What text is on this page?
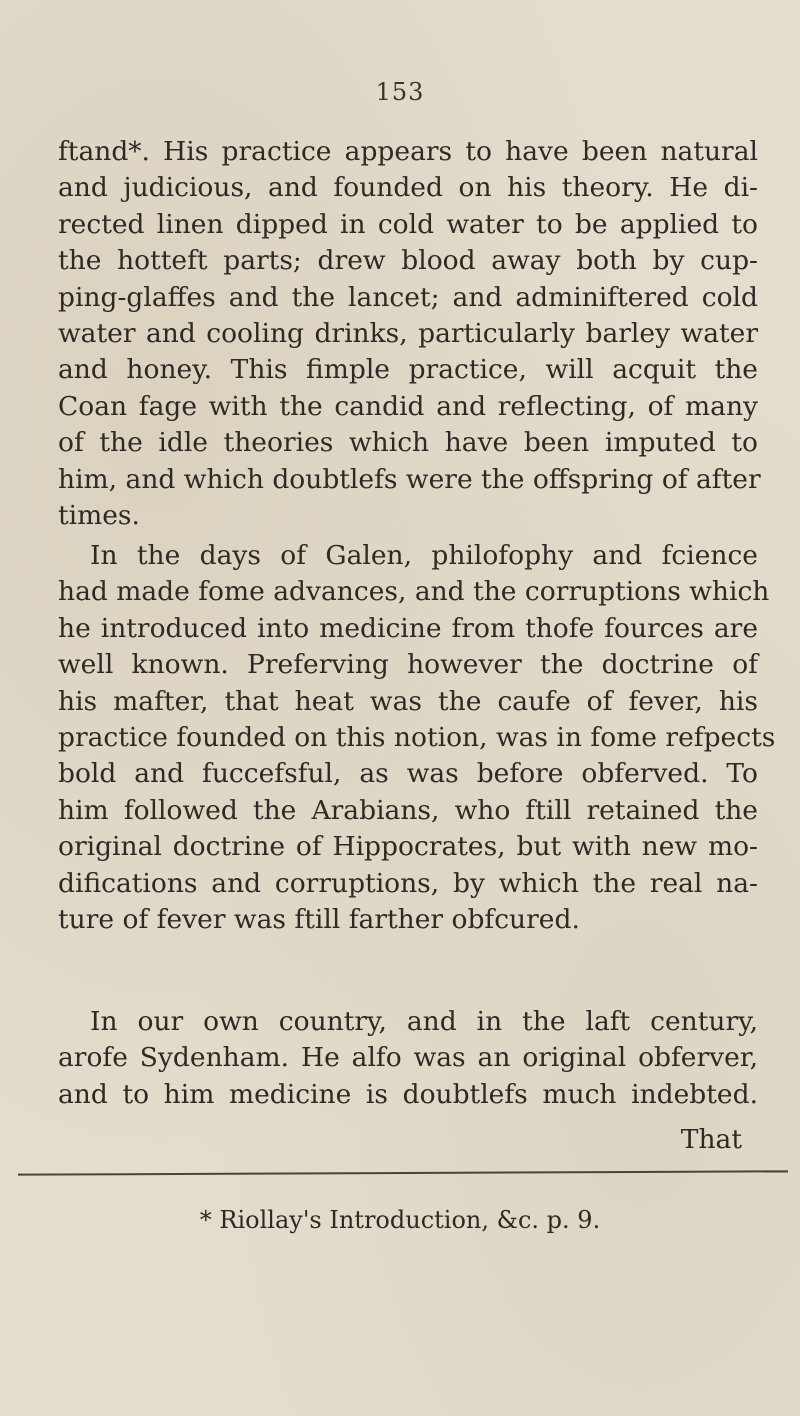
153
ftand*. His practice appears to have been natural
and judicious, and founded on his theory. He di-
rected linen dipped in cold water to be applied to
the hotteft parts; drew blood away both by cup-
ping-glaffes and the lancet; and adminiftered cold
water and cooling drinks, particularly barley water
and honey. This fimple practice, will acquit the
Coan fage with the candid and reflecting, of many
of the idle theories which have been imputed to
him, and which doubtlefs were the offspring of after
times.
In the days of Galen, philofophy and fcience
had made fome advances, and the corruptions which
he introduced into medicine from thofe fources are
well known. Preferving however the doctrine of
his mafter, that heat was the caufe of fever, his
practice founded on this notion, was in fome refpects
bold and fuccefsful, as was before obferved. To
him followed the Arabians, who ftill retained the
original doctrine of Hippocrates, but with new mo-
difications and corruptions, by which the real na-
ture of fever was ftill farther obfcured.
In our own country, and in the laft century,
arofe Sydenham. He alfo was an original obferver,
and to him medicine is doubtlefs much indebted.
That
* Riollay's Introduction, &c. p. 9.
